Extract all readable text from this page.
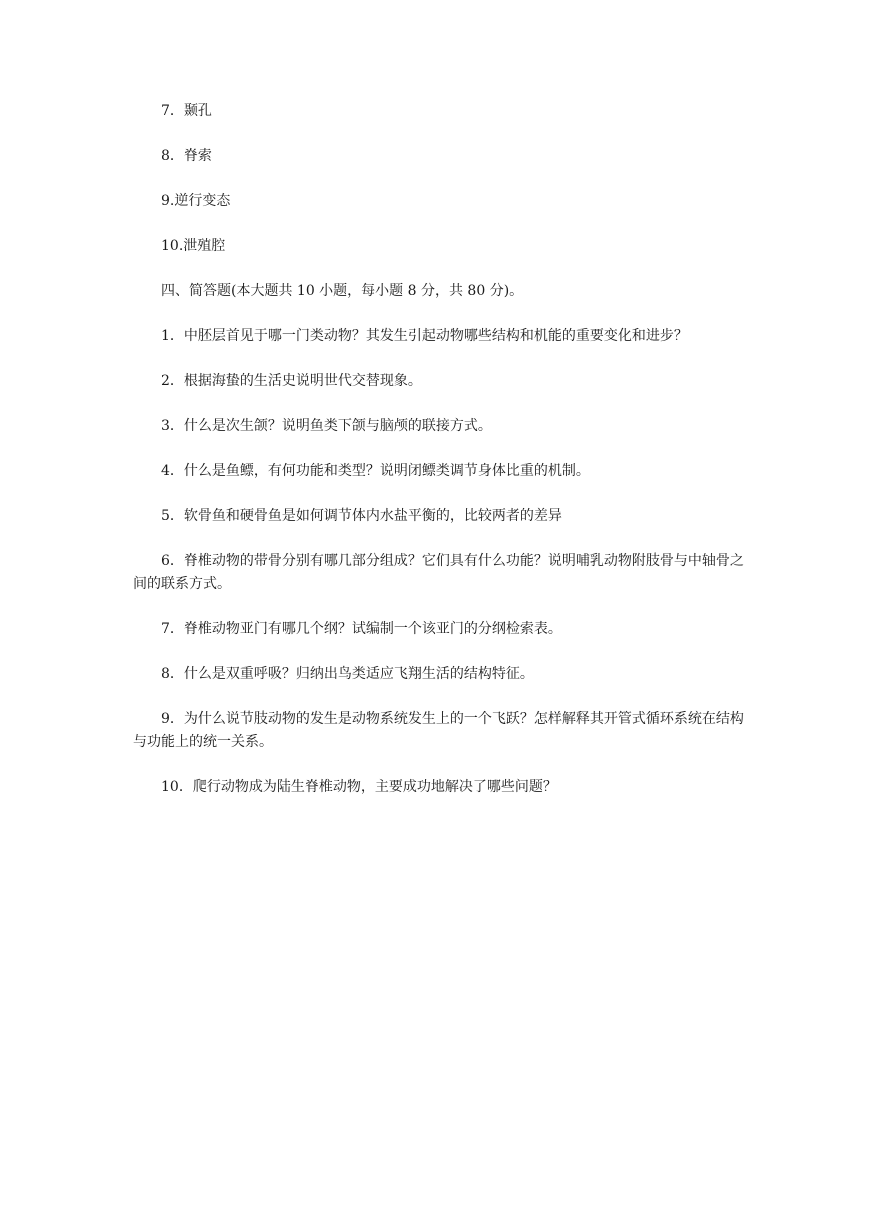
7．颞孔

8．脊索

9.逆行变态

10.泄殖腔

四、简答题(本大题共 10 小题，每小题 8 分，共 80 分)。

1．中胚层首见于哪一门类动物？其发生引起动物哪些结构和机能的重要变化和进步？

2．根据海蛰的生活史说明世代交替现象。

3．什么是次生颌？说明鱼类下颌与脑颅的联接方式。

4．什么是鱼鳔，有何功能和类型？说明闭鳔类调节身体比重的机制。

5．软骨鱼和硬骨鱼是如何调节体内水盐平衡的，比较两者的差异

6．脊椎动物的带骨分别有哪几部分组成？它们具有什么功能？说明哺乳动物附肢骨与中轴骨之间的联系方式。

7．脊椎动物亚门有哪几个纲？试编制一个该亚门的分纲检索表。

8．什么是双重呼吸？归纳出鸟类适应飞翔生活的结构特征。

9．为什么说节肢动物的发生是动物系统发生上的一个飞跃？怎样解释其开管式循环系统在结构与功能上的统一关系。

10．爬行动物成为陆生脊椎动物，主要成功地解决了哪些问题？
